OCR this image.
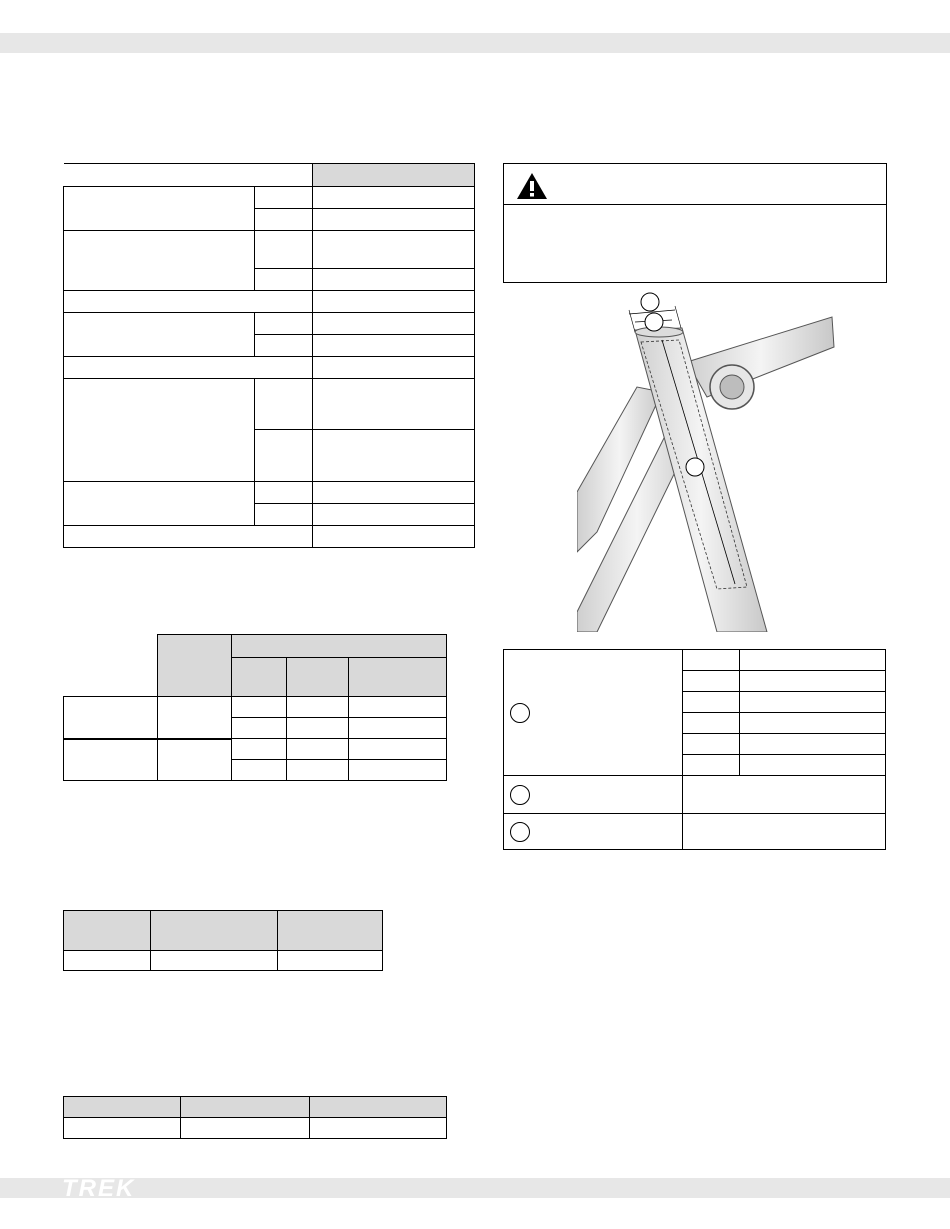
TREK
